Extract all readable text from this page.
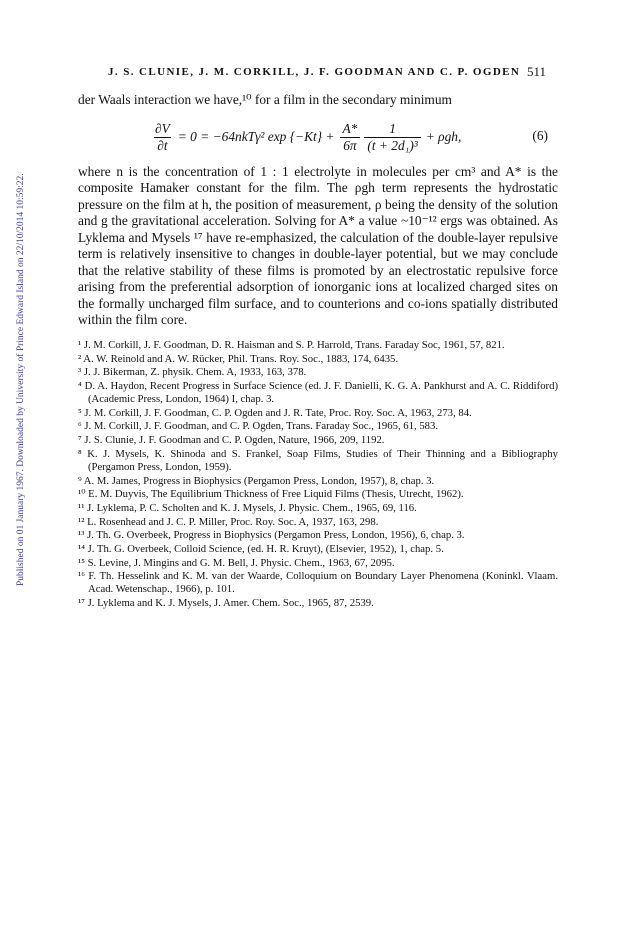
Published on 01 January 1967. Downloaded by University of Prince Edward Island on 22/10/2014 10:59:22.
J. S. CLUNIE, J. M. CORKILL, J. F. GOODMAN AND C. P. OGDEN 511
der Waals interaction we have,¹⁰ for a film in the secondary minimum
$\frac{\partial V}{\partial t} = 0 = -64nkT\gamma^2$ $\exp \{-Kt\} + \frac{A*}{6\pi} \frac{1}{\text{(t + 2d₁)³}} + \rho gh$,	(6)

where n is the concentration of 1 : 1 electrolyte in molecules per cm³ and A* is the composite Hamaker constant for the film. The ρgh term represents the hydrostatic pressure on the film at h, the position of measurement, ρ being the density of the solution and g the gravitational acceleration. Solving for A* a value ~10⁻¹² ergs was obtained. As Lyklema and Mysels ¹⁷ have re-emphasized, the calculation of the double-layer repulsive term is relatively insensitive to changes in double-layer potential, but we may conclude that the relative stability of these films is promoted by an electrostatic repulsive force arising from the preferential adsorption of ionorganic ions at localized charged sites on the formally uncharged film surface, and to counterions and co-ions spatially distributed within the film core.

¹ J. M. Corkill, J. F. Goodman, D. R. Haisman and S. P. Harrold, Trans. Faraday Soc, 1961, 57, 821.
² A. W. Reinold and A. W. Rücker, Phil. Trans. Roy. Soc., 1883, 174, 6435.
³ J. J. Bikerman, Z. physik. Chem. A, 1933, 163, 378.
⁴ D. A. Haydon, Recent Progress in Surface Science (ed. J. F. Danielli, K. G. A. Pankhurst and A. C. Riddiford) (Academic Press, London, 1964) I, chap. 3.
⁵ J. M. Corkill, J. F. Goodman, C. P. Ogden and J. R. Tate, Proc. Roy. Soc. A, 1963, 273, 84.
⁶ J. M. Corkill, J. F. Goodman, and C. P. Ogden, Trans. Faraday Soc., 1965, 61, 583.
⁷ J. S. Clunie, J. F. Goodman and C. P. Ogden, Nature, 1966, 209, 1192.
⁸ K. J. Mysels, K. Shinoda and S. Frankel, Soap Films, Studies of Their Thinning and a Bibliography (Pergamon Press, London, 1959).
⁹ A. M. James, Progress in Biophysics (Pergamon Press, London, 1957), 8, chap. 3.
¹⁰ E. M. Duyvis, The Equilibrium Thickness of Free Liquid Films (Thesis, Utrecht, 1962).
¹¹ J. Lyklema, P. C. Scholten and K. J. Mysels, J. Physic. Chem., 1965, 69, 116.
¹² L. Rosenhead and J. C. P. Miller, Proc. Roy. Soc. A, 1937, 163, 298.
¹³ J. Th. G. Overbeek, Progress in Biophysics (Pergamon Press, London, 1956), 6, chap. 3.
¹⁴ J. Th. G. Overbeek, Colloid Science, (ed. H. R. Kruyt), (Elsevier, 1952), 1, chap. 5.
¹⁵ S. Levine, J. Mingins and G. M. Bell, J. Physic. Chem., 1963, 67, 2095.
¹⁶ F. Th. Hesselink and K. M. van der Waarde, Colloquium on Boundary Layer Phenomena (Koninkl. Vlaam. Acad. Wetenschap., 1966), p. 101.
¹⁷ J. Lyklema and K. J. Mysels, J. Amer. Chem. Soc., 1965, 87, 2539.
